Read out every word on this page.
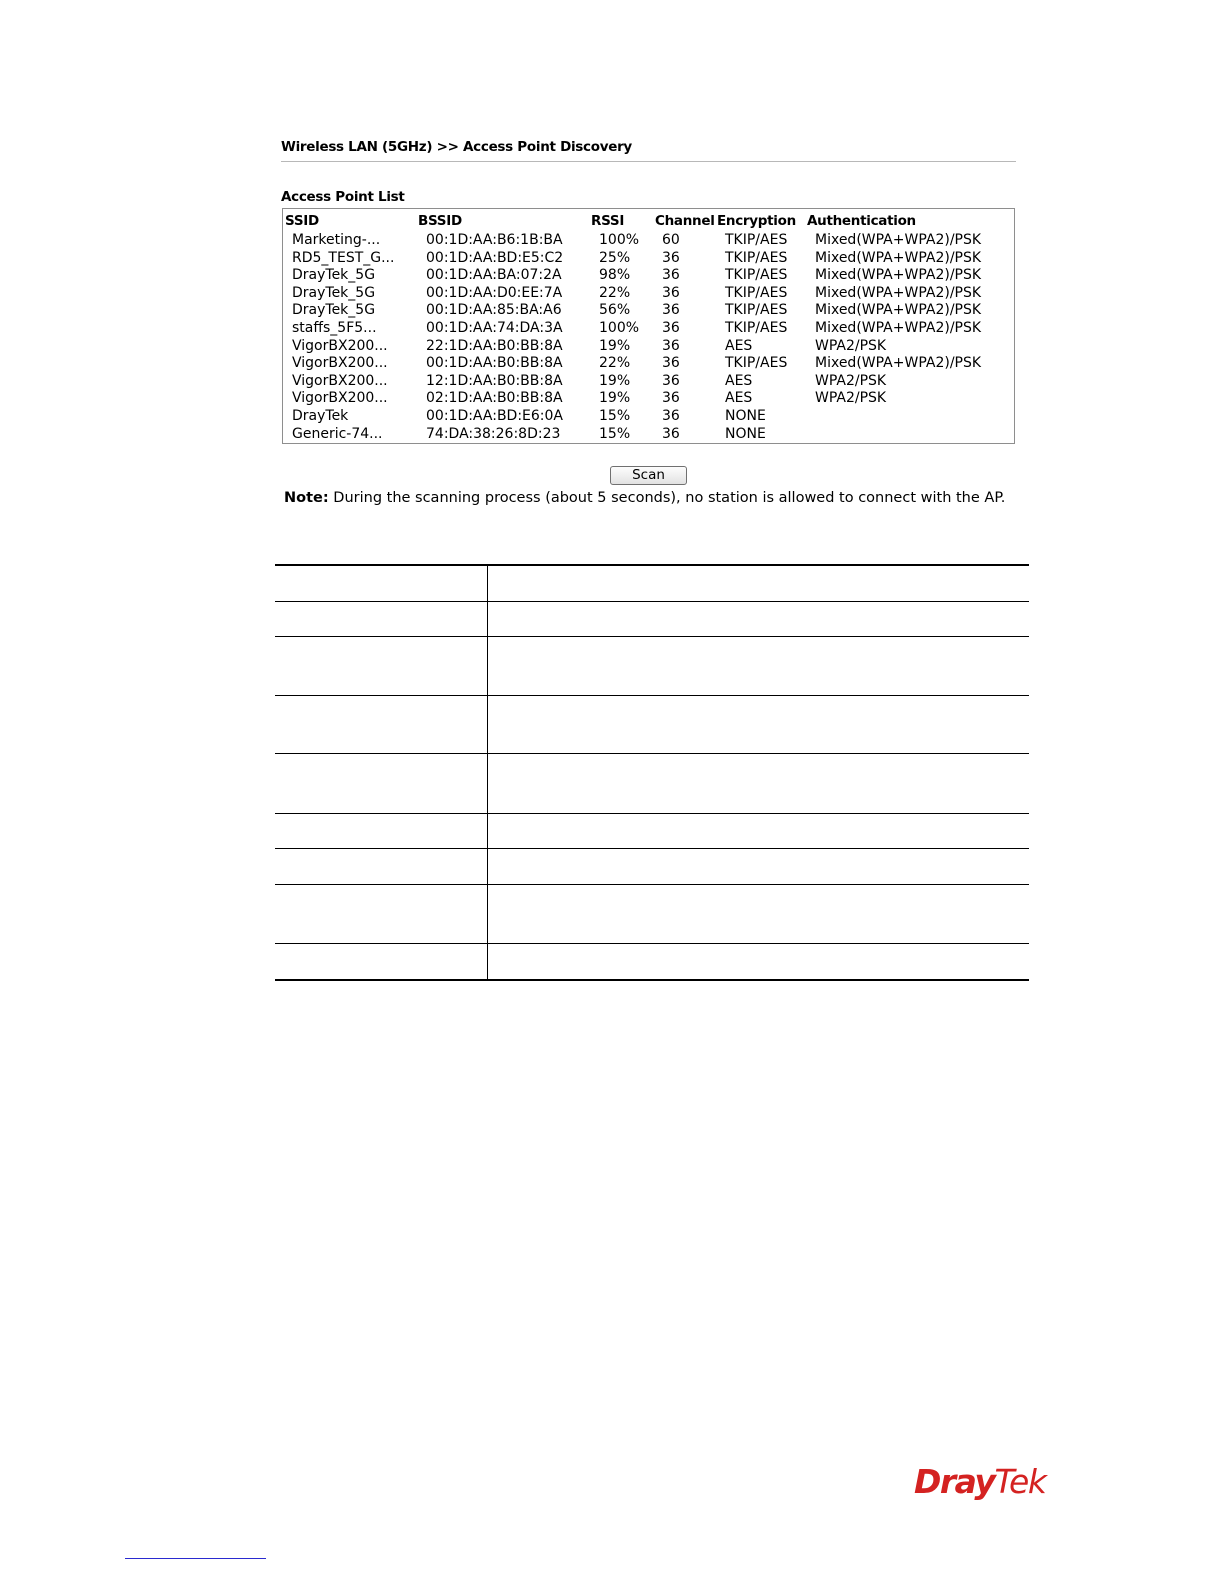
Wireless LAN (5GHz) >> Access Point Discovery
Access Point List
SSID	BSSID	RSSI Channel Encryption Authentication
Marketing-...	00:1D:AA:B6:1B:BA	100% 60	TKIP/AES Mixed(WPA+WPA2)/PSK
RD5_TEST_G... 00:1D:AA:BD:E5:C2	25% 36	TKIP/AES Mixed(WPA+WPA2)/PSK
DrayTek_5G	00:1D:AA:BA:07:2A	98% 36	TKIP/AES Mixed(WPA+WPA2)/PSK
DrayTek_5G	00:1D:AA:D0:EE:7A	22% 36	TKIP/AES Mixed(WPA+WPA2)/PSK
DrayTek_5G	00:1D:AA:85:BA:A6	56% 36	TKIP/AES Mixed(WPA+WPA2)/PSK
staffs_5F5...	00:1D:AA:74:DA:3A	100% 36	TKIP/AES Mixed(WPA+WPA2)/PSK
VigorBX200...	22:1D:AA:B0:BB:8A	19% 36	AES	WPA2/PSK
VigorBX200...	00:1D:AA:B0:BB:8A	22% 36	TKIP/AES Mixed(WPA+WPA2)/PSK
VigorBX200...	12:1D:AA:B0:BB:8A	19% 36	AES	WPA2/PSK
VigorBX200...	02:1D:AA:B0:BB:8A	19% 36	AES	WPA2/PSK
DrayTek	00:1D:AA:BD:E6:0A	15% 36	NONE
Generic-74...	74:DA:38:26:8D:23	15% 36	NONE
Scan
Note: During the scanning process (about 5 seconds), no station is allowed to connect with the AP.
DrayTek
